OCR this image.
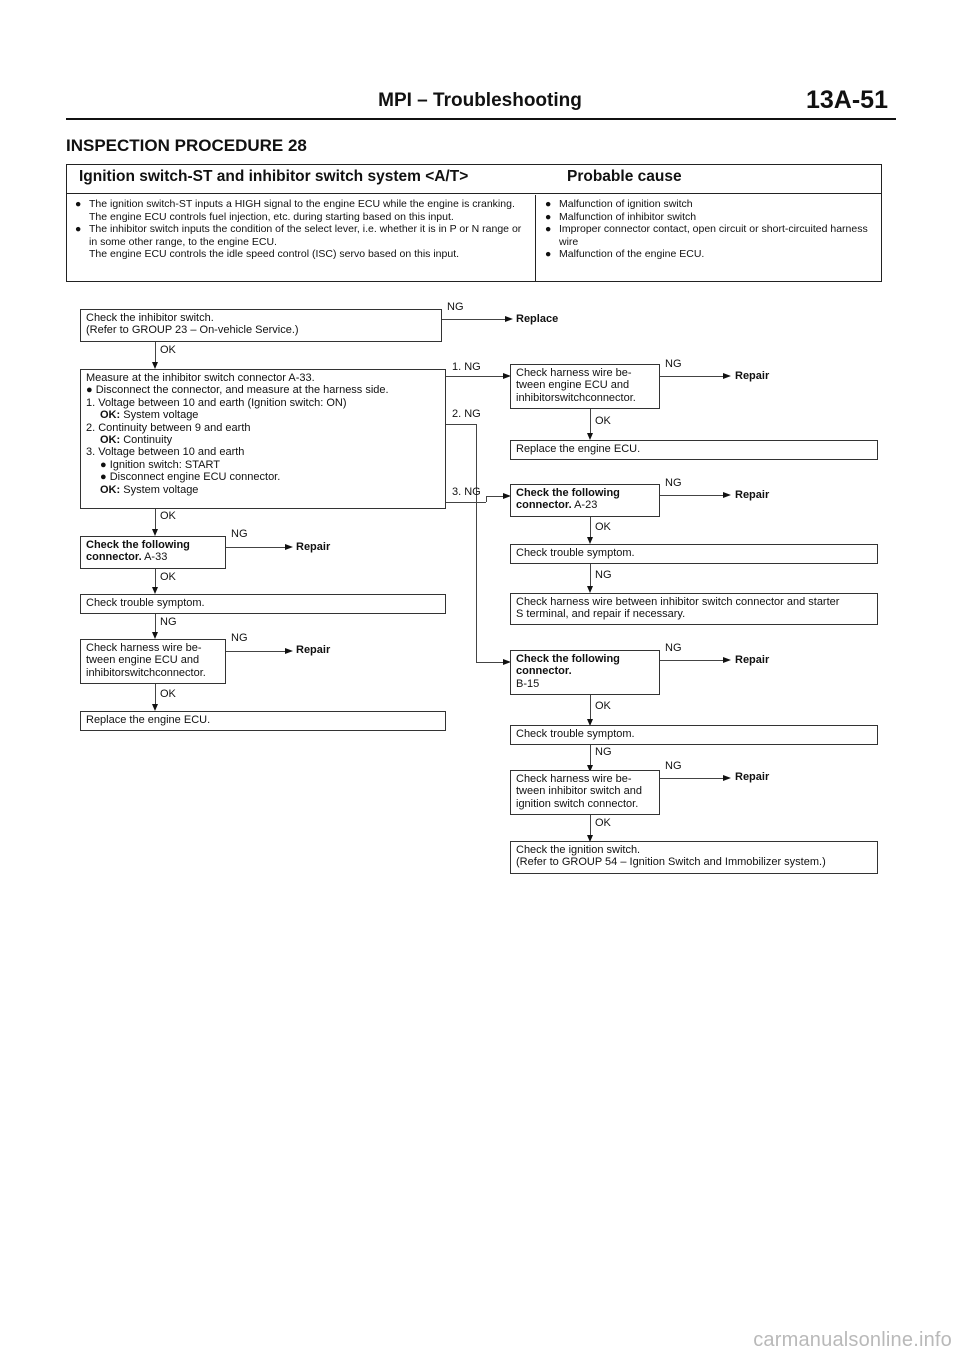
MPI – Troubleshooting	13A-51
INSPECTION PROCEDURE 28
Ignition switch-ST and inhibitor switch system <A/T>	Probable cause
● The ignition switch-ST inputs a HIGH signal to the engine ECU while the engine is cranking.
The engine ECU controls fuel injection, etc. during starting based on this input.
● The inhibitor switch inputs the condition of the select lever, i.e. whether it is in P or N range or in some other range, to the engine ECU.
The engine ECU controls the idle speed control (ISC) servo based on this input.
● Malfunction of ignition switch
● Malfunction of inhibitor switch
● Improper connector contact, open circuit or short-circuited harness wire
● Malfunction of the engine ECU.
Check the inhibitor switch.
(Refer to GROUP 23 – On-vehicle Service.)
NG
Replace
OK
Measure at the inhibitor switch connector A-33.
● Disconnect the connector, and measure at the harness side.
1. Voltage between 10 and earth (Ignition switch: ON)
OK: System voltage
2. Continuity between 9 and earth
OK: Continuity
3. Voltage between 10 and earth
● Ignition switch: START
● Disconnect engine ECU connector.
OK: System voltage
1. NG
2. NG
3. NG
OK
Check the following
connector. A-33
NG
Repair
OK
Check trouble symptom.
NG
Check harness wire be-
tween engine ECU and
inhibitorswitchconnector.
NG
Repair
OK
Replace the engine ECU.
Check harness wire be-
tween engine ECU and
inhibitorswitchconnector.
NG
Repair
OK
Replace the engine ECU.
Check the following
connector. A-23
NG
Repair
OK
Check trouble symptom.
NG
Check harness wire between inhibitor switch connector and starter
S terminal, and repair if necessary.
Check the following
connector.
B-15
NG
Repair
OK
Check trouble symptom.
NG
Check harness wire be-
tween inhibitor switch and
ignition switch connector.
NG
Repair
OK
Check the ignition switch.
(Refer to GROUP 54 – Ignition Switch and Immobilizer system.)
carmanualsonline.info
